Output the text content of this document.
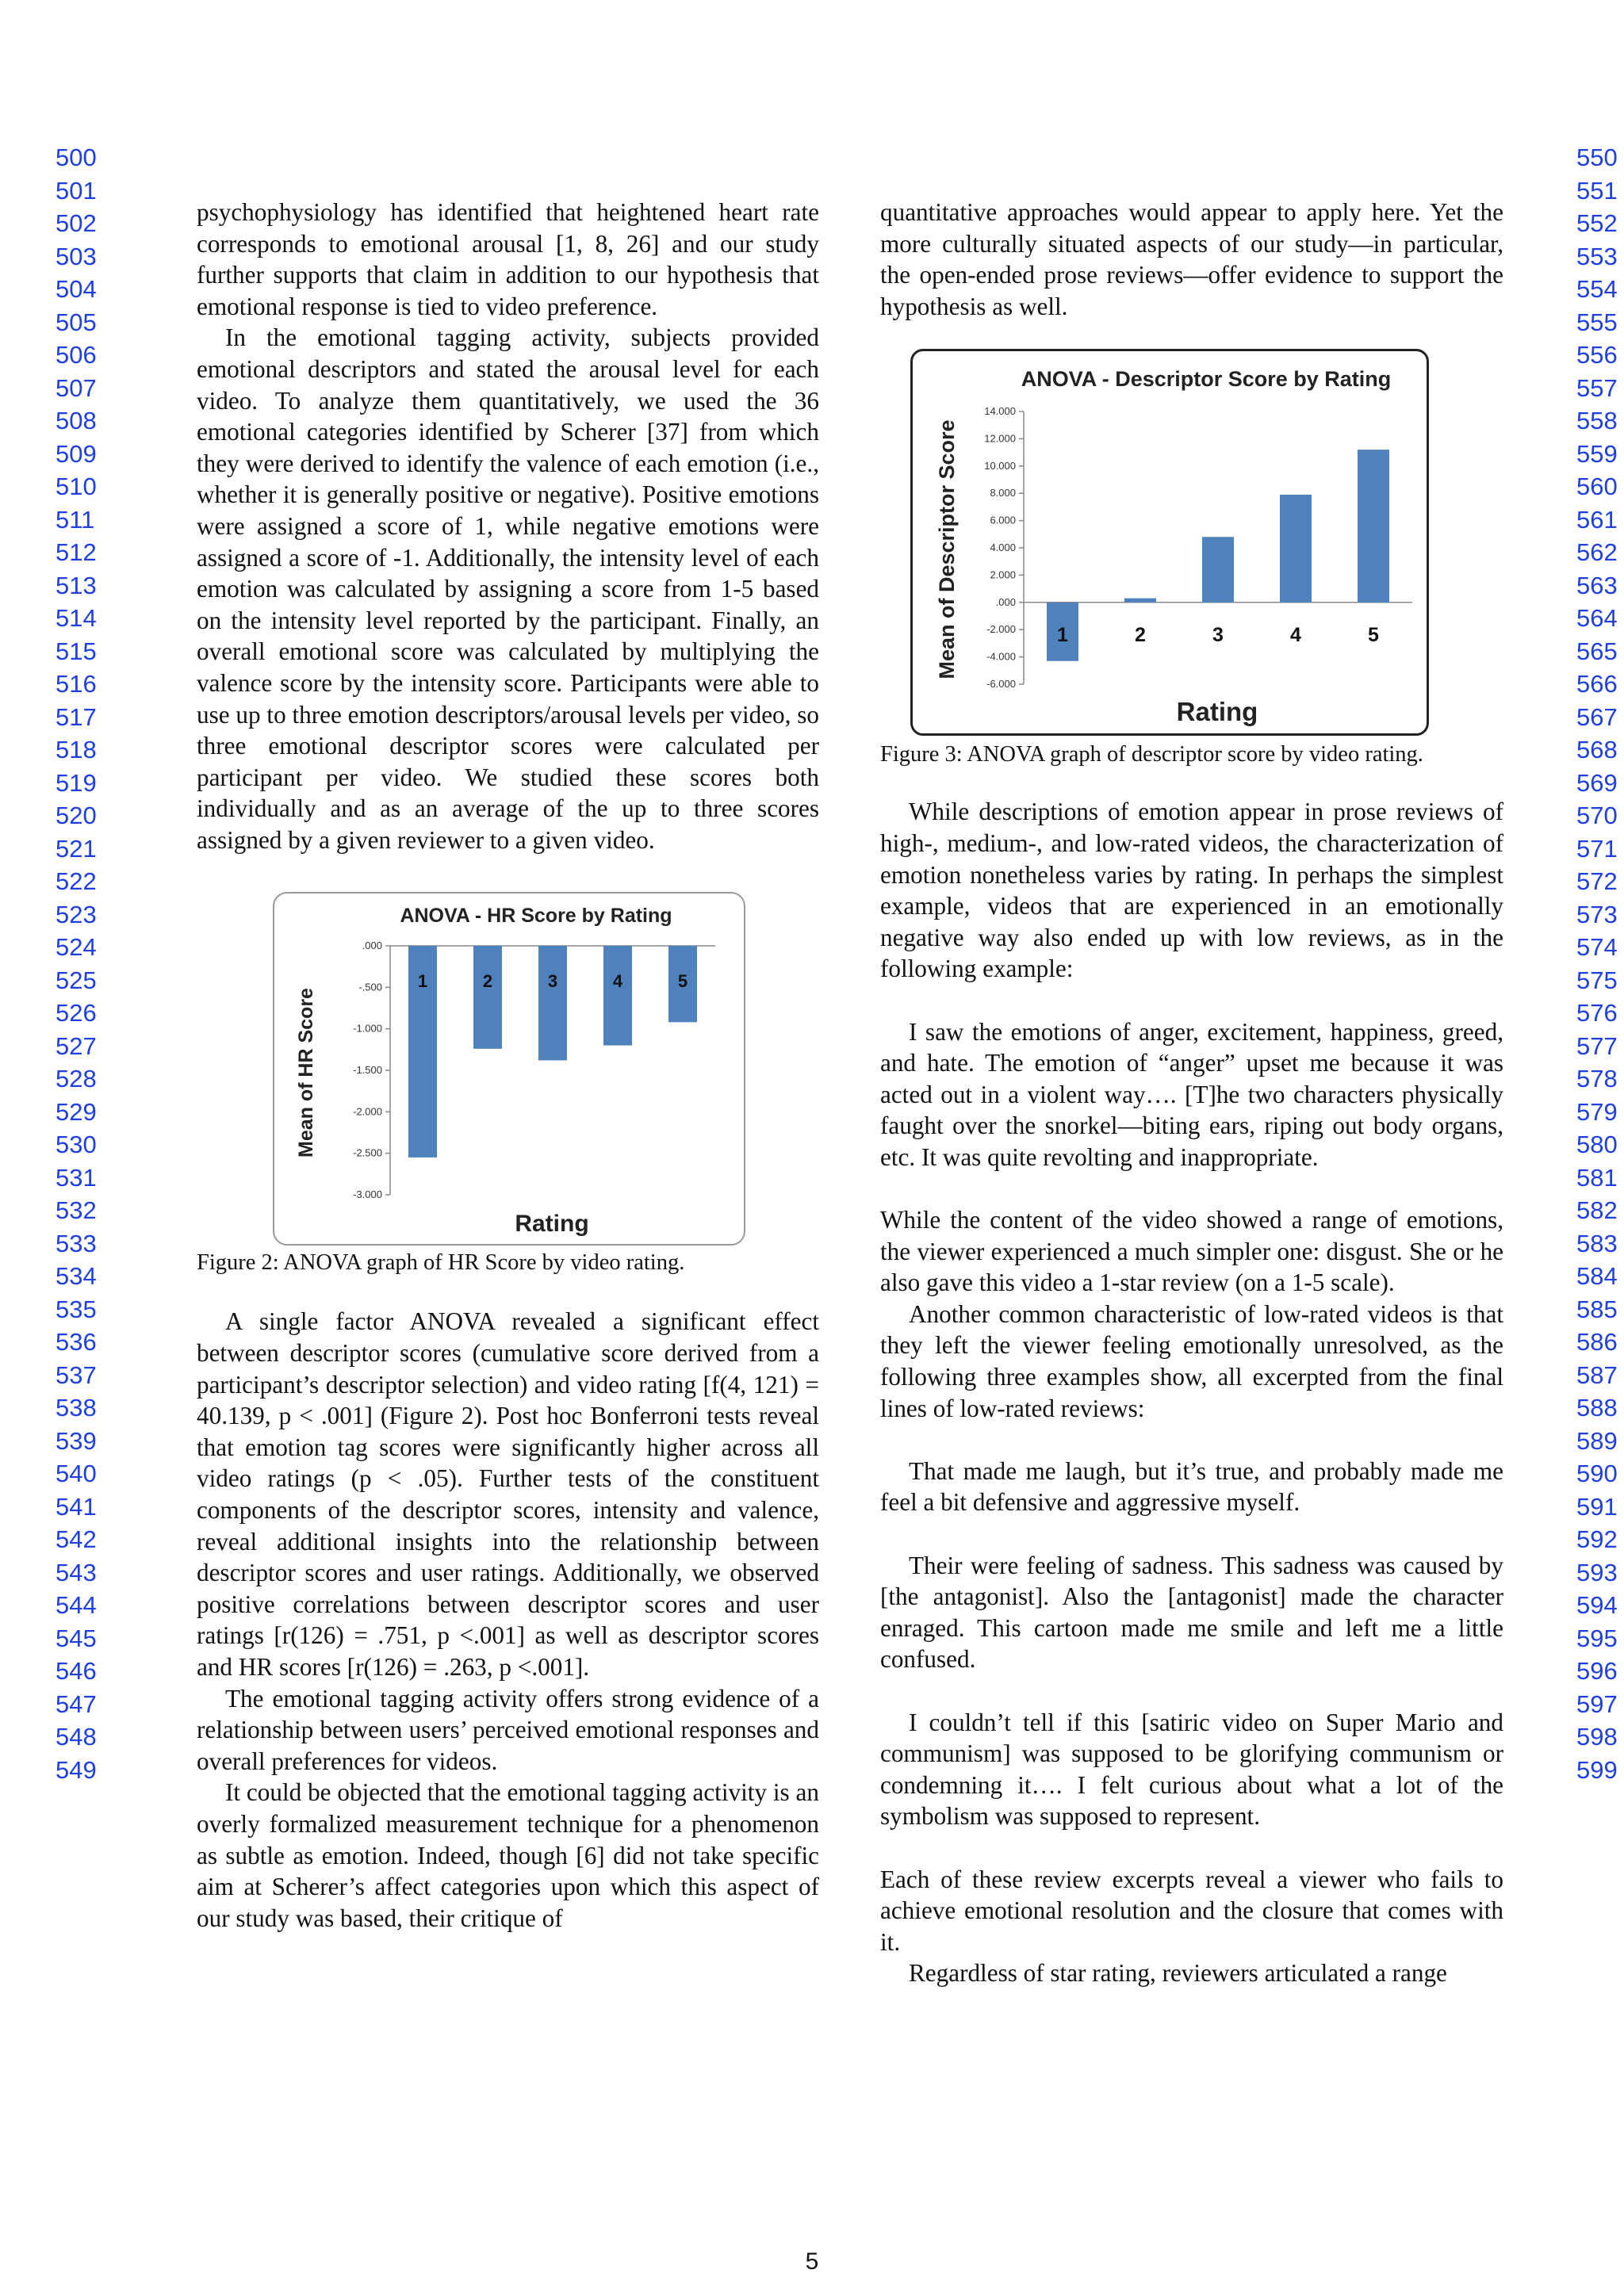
500
501
502
503
504
505
506
507
508
509
510
511
512
513
514
515
516
517
518
519
520
521
522
523
524
525
526
527
528
529
530
531
532
533
534
535
536
537
538
539
540
541
542
543
544
545
546
547
548
549
550
551
552
553
554
555
556
557
558
559
560
561
562
563
564
565
566
567
568
569
570
571
572
573
574
575
576
577
578
579
580
581
582
583
584
585
586
587
588
589
590
591
592
593
594
595
596
597
598
599

psychophysiology has identified that heightened heart rate corresponds to emotional arousal [1, 8, 26] and our study further supports that claim in addition to our hypothesis that emotional response is tied to video preference.

In the emotional tagging activity, subjects provided emotional descriptors and stated the arousal level for each video. To analyze them quantitatively, we used the 36 emotional categories identified by Scherer [37] from which they were derived to identify the valence of each emotion (i.e., whether it is generally positive or negative). Positive emotions were assigned a score of 1, while negative emotions were assigned a score of -1. Additionally, the intensity level of each emotion was calculated by assigning a score from 1-5 based on the intensity level reported by the participant. Finally, an overall emotional score was calculated by multiplying the valence score by the intensity score. Participants were able to use up to three emotion descriptors/arousal levels per video, so three emotional descriptor scores were calculated per participant per video. We studied these scores both individually and as an average of the up to three scores assigned by a given reviewer to a given video.

ANOVA - HR Score by Rating
.000
-.500
-1.000
-1.500
-2.000
-2.500
-3.000
1	2	3	4	5
Rating
Mean of HR Score

Figure 2: ANOVA graph of HR Score by video rating.

A single factor ANOVA revealed a significant effect between descriptor scores (cumulative score derived from a participant’s descriptor selection) and video rating [f(4, 121) = 40.139, p < .001] (Figure 2). Post hoc Bonferroni tests reveal that emotion tag scores were significantly higher across all video ratings (p < .05). Further tests of the constituent components of the descriptor scores, intensity and valence, reveal additional insights into the relationship between descriptor scores and user ratings. Additionally, we observed positive correlations between descriptor scores and user ratings [r(126) = .751, p <.001] as well as descriptor scores and HR scores [r(126) = .263, p <.001].

The emotional tagging activity offers strong evidence of a relationship between users’ perceived emotional responses and overall preferences for videos.

It could be objected that the emotional tagging activity is an overly formalized measurement technique for a phenomenon as subtle as emotion. Indeed, though [6] did not take specific aim at Scherer’s affect categories upon which this aspect of our study was based, their critique of

quantitative approaches would appear to apply here. Yet the more culturally situated aspects of our study—in particular, the open-ended prose reviews—offer evidence to support the hypothesis as well.

ANOVA - Descriptor Score by Rating
14.000
12.000
10.000
8.000
6.000
4.000
2.000
.000
-2.000
-4.000
-6.000
1	2	3	4	5
Rating
Mean of Descriptor Score

Figure 3: ANOVA graph of descriptor score by video rating.

While descriptions of emotion appear in prose reviews of high-, medium-, and low-rated videos, the characterization of emotion nonetheless varies by rating. In perhaps the simplest example, videos that are experienced in an emotionally negative way also ended up with low reviews, as in the following example:

I saw the emotions of anger, excitement, happiness, greed, and hate. The emotion of “anger” upset me because it was acted out in a violent way…. [T]he two characters physically faught over the snorkel—biting ears, riping out body organs, etc. It was quite revolting and inappropriate.

While the content of the video showed a range of emotions, the viewer experienced a much simpler one: disgust. She or he also gave this video a 1-star review (on a 1-5 scale).

Another common characteristic of low-rated videos is that they left the viewer feeling emotionally unresolved, as the following three examples show, all excerpted from the final lines of low-rated reviews:

That made me laugh, but it’s true, and probably made me feel a bit defensive and aggressive myself.

Their were feeling of sadness. This sadness was caused by [the antagonist]. Also the [antagonist] made the character enraged. This cartoon made me smile and left me a little confused.

I couldn’t tell if this [satiric video on Super Mario and communism] was supposed to be glorifying communism or condemning it…. I felt curious about what a lot of the symbolism was supposed to represent.

Each of these review excerpts reveal a viewer who fails to achieve emotional resolution and the closure that comes with it.

Regardless of star rating, reviewers articulated a range

5
